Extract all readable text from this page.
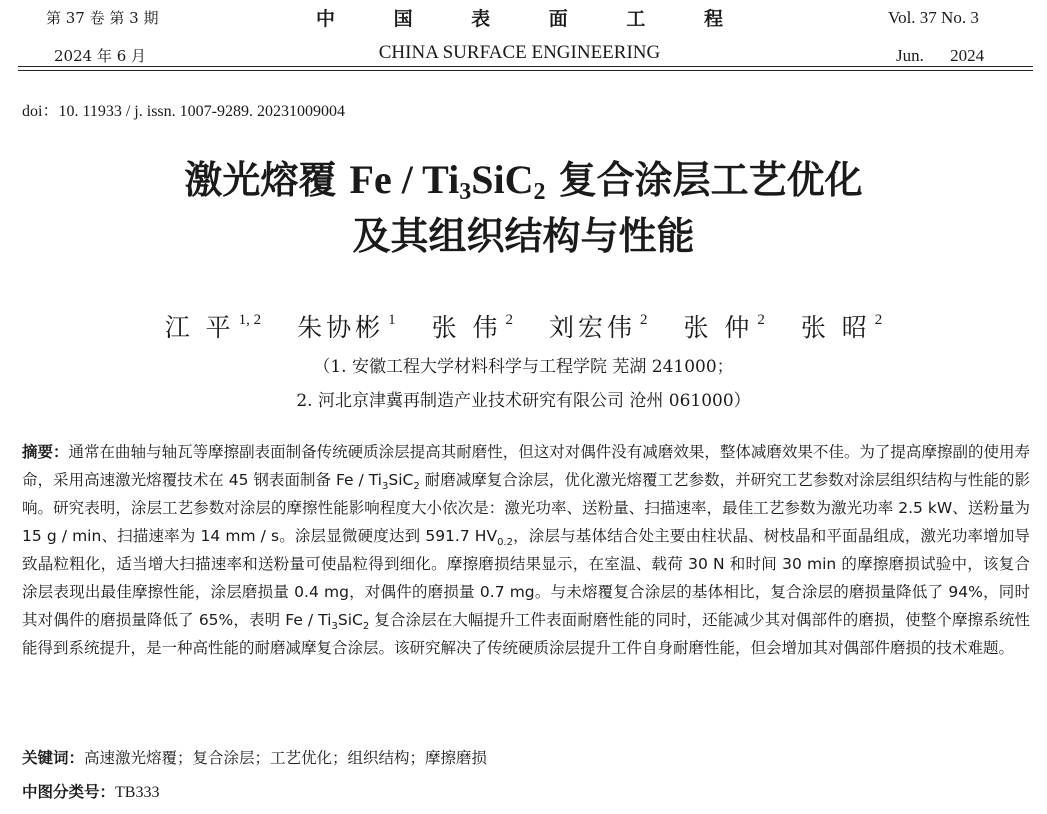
第 37 卷 第 3 期
2024 年 6 月
中 国 表 面 工 程
CHINA SURFACE ENGINEERING
Vol. 37 No. 3
Jun. 2024
doi：10. 11933 / j. issn. 1007-9289. 20231009004
激光熔覆 Fe / $Ti_3SiC_2$ 复合涂层工艺优化
及其组织结构与性能
江 平 $^{1, 2}$ 朱协彬 $^1$ 张 伟 $^2$ 刘宏伟 $^2$ 张 仲 $^2$ 张 昭 $^2$
（1. 安徽工程大学材料科学与工程学院 芜湖 241000；
2. 河北京津冀再制造产业技术研究有限公司 沧州 061000）
摘要：通常在曲轴与轴瓦等摩擦副表面制备传统硬质涂层提高其耐磨性，但这对对偶件没有减磨效果，整体减磨效果不佳。为了提高摩擦副的使用寿命，采用高速激光熔覆技术在 45 钢表面制备 Fe / $Ti_3SiC_2$ 耐磨减摩复合涂层，优化激光熔覆工艺参数，并研究工艺参数对涂层组织结构与性能的影响。研究表明，涂层工艺参数对涂层的摩擦性能影响程度大小依次是：激光功率、送粉量、扫描速率，最佳工艺参数为激光功率 2.5 kW、送粉量为 15 g / min、扫描速率为 14 mm / s。涂层显微硬度达到 591.7 $HV_{0.2}$，涂层与基体结合处主要由柱状晶、树枝晶和平面晶组成，激光功率增加导致晶粒粗化，适当增大扫描速率和送粉量可使晶粒得到细化。摩擦磨损结果显示，在室温、载荷 30 N 和时间 30 min 的摩擦磨损试验中，该复合涂层表现出最佳摩擦性能，涂层磨损量 0.4 mg，对偶件的磨损量 0.7 mg。与未熔覆复合涂层的基体相比，复合涂层的磨损量降低了 94%，同时其对偶件的磨损量降低了 65%，表明 Fe / $Ti_3SiC_2$ 复合涂层在大幅提升工件表面耐磨性能的同时，还能减少其对偶部件的磨损，使整个摩擦系统性能得到系统提升，是一种高性能的耐磨减摩复合涂层。该研究解决了传统硬质涂层提升工件自身耐磨性能，但会增加其对偶部件磨损的技术难题。
关键词：高速激光熔覆；复合涂层；工艺优化；组织结构；摩擦磨损
中图分类号：TB333
